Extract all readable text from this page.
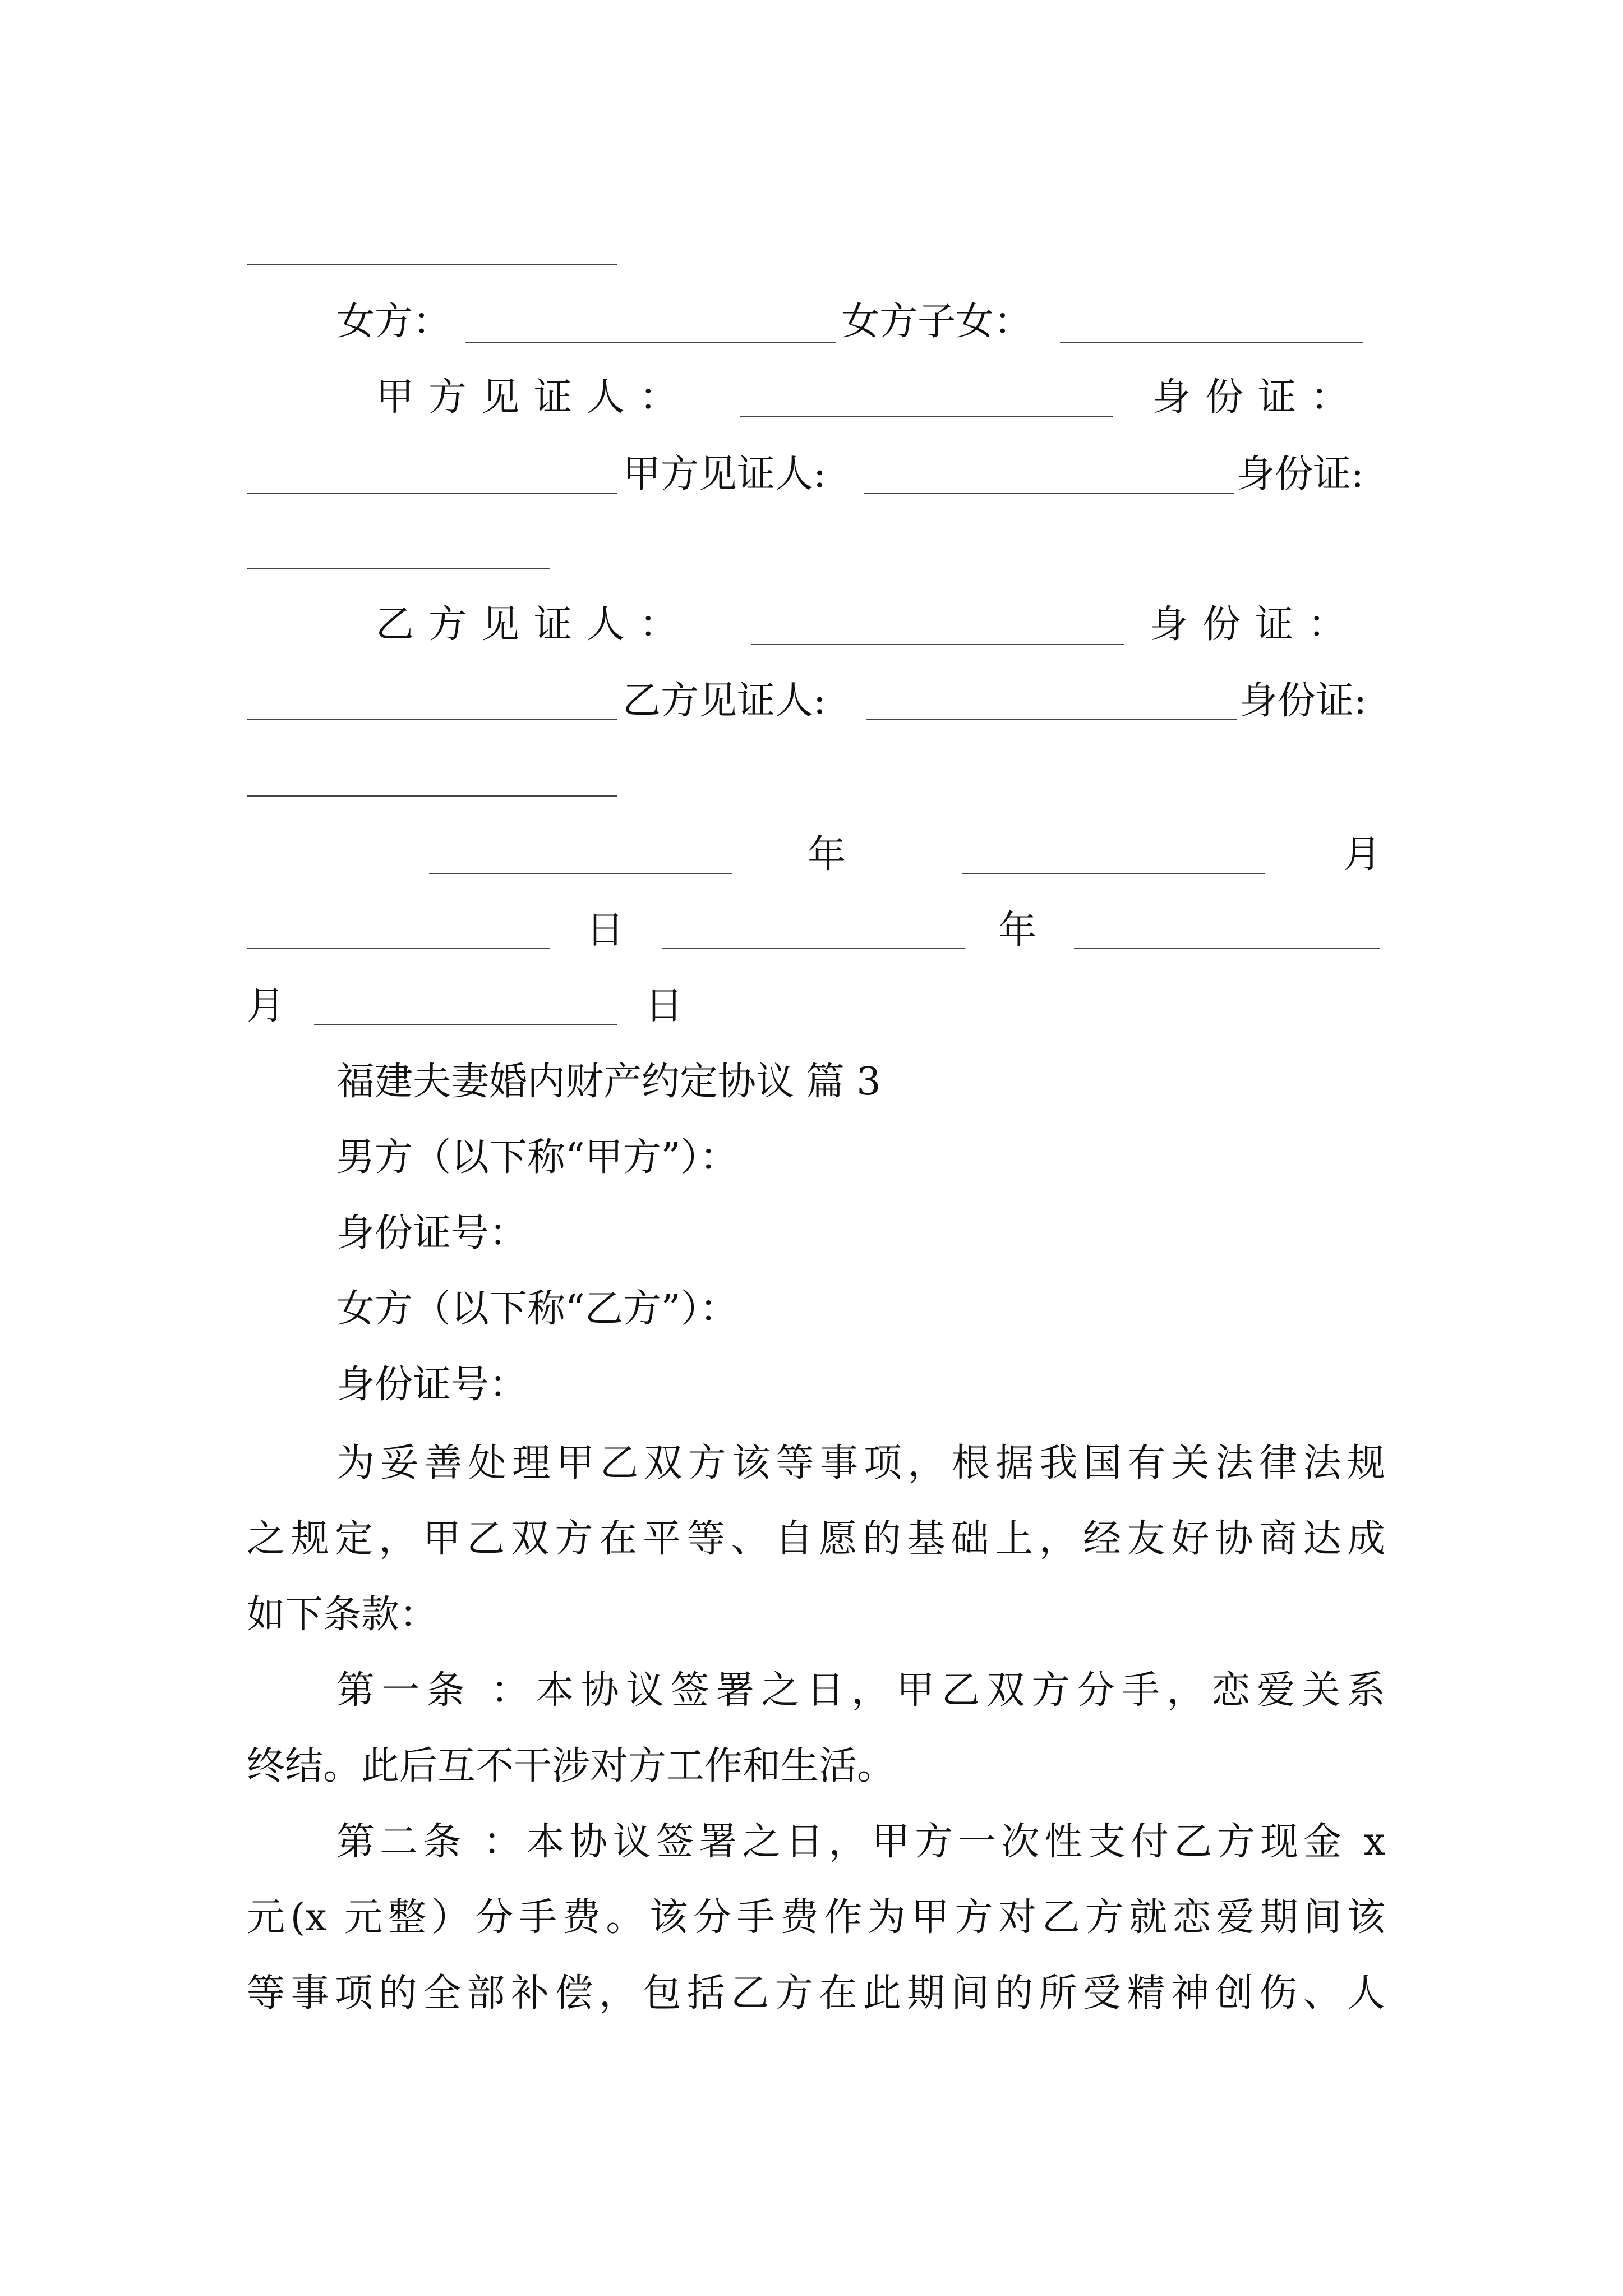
女方：	女方子女：
甲方见证人：	身份证：
甲方见证人:	身份证:
乙方见证人：	身份证：
乙方见证人:	身份证:
年	月
日	年
月	日
福建夫妻婚内财产约定协议 篇 3
男方（以下称“甲方”）：
身份证号：
女方（以下称“乙方”）：
身份证号：
为妥善处理甲乙双方该等事项，根据我国有关法律法规
之规定，甲乙双方在平等、自愿的基础上，经友好协商达成
如下条款：
第一条 ：本协议签署之日，甲乙双方分手，恋爱关系
终结。此后互不干涉对方工作和生活。
第二条 ：本协议签署之日，甲方一次性支付乙方现金 x
元(x 元整）分手费。该分手费作为甲方对乙方就恋爱期间该
等事项的全部补偿，包括乙方在此期间的所受精神创伤、人
